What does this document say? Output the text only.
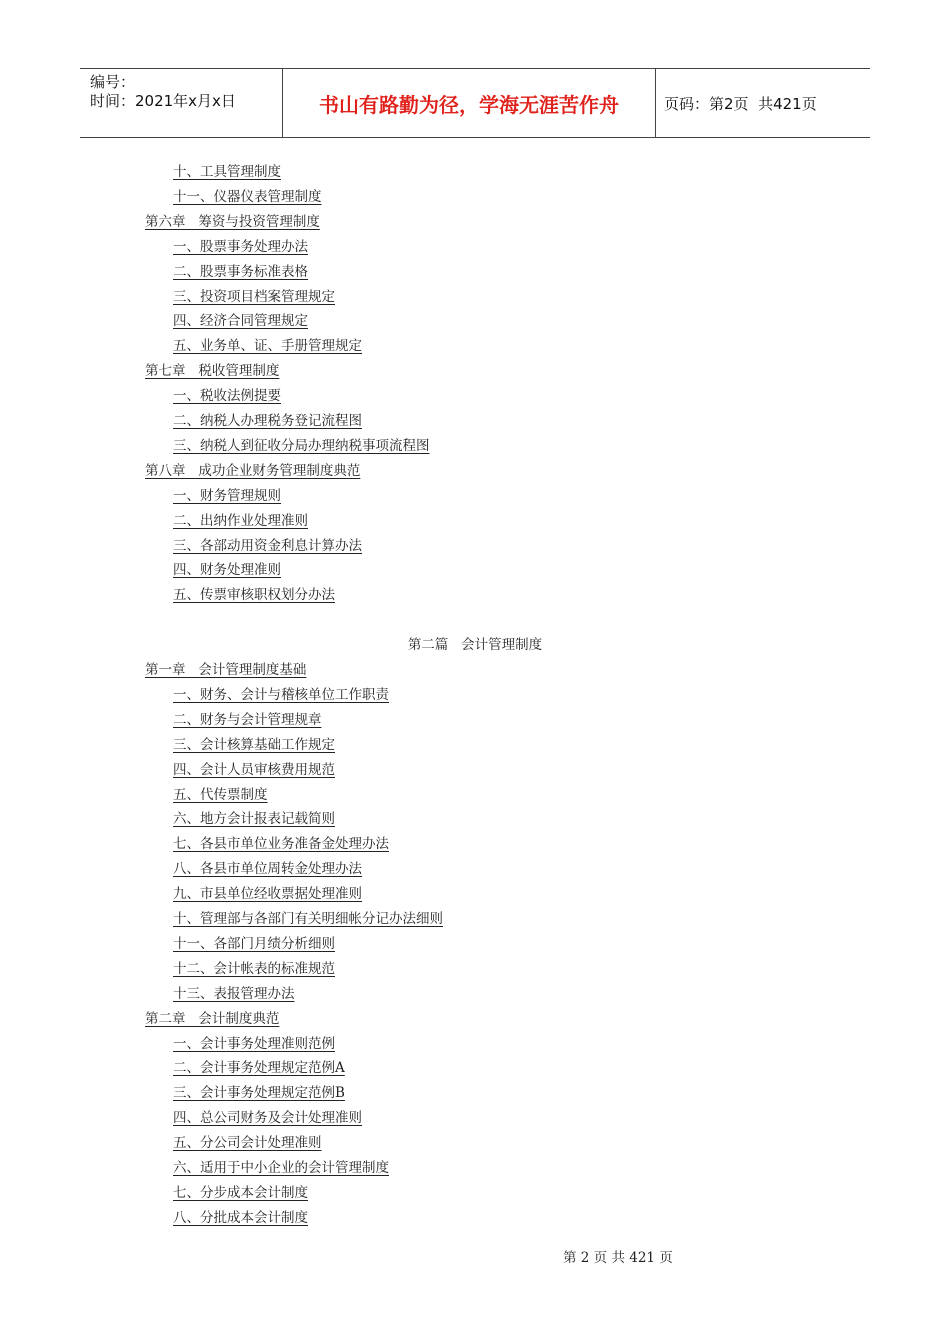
编号：
时间：2021年x月x日	书山有路勤为径，学海无涯苦作舟	页码：第2页  共421页
十、工具管理制度
十一、仪器仪表管理制度
第六章   筹资与投资管理制度
一、股票事务处理办法
二、股票事务标准表格
三、投资项目档案管理规定
四、经济合同管理规定
五、业务单、证、手册管理规定
第七章   税收管理制度
一、税收法例提要
二、纳税人办理税务登记流程图
三、纳税人到征收分局办理纳税事项流程图
第八章   成功企业财务管理制度典范
一、财务管理规则
二、出纳作业处理准则
三、各部动用资金利息计算办法
四、财务处理准则
五、传票审核职权划分办法
第二篇   会计管理制度
第一章   会计管理制度基础
一、财务、会计与稽核单位工作职责
二、财务与会计管理规章
三、会计核算基础工作规定
四、会计人员审核费用规范
五、代传票制度
六、地方会计报表记载简则
七、各县市单位业务准备金处理办法
八、各县市单位周转金处理办法
九、市县单位经收票据处理准则
十、管理部与各部门有关明细帐分记办法细则
十一、各部门月绩分析细则
十二、会计帐表的标准规范
十三、表报管理办法
第二章   会计制度典范
一、会计事务处理准则范例
二、会计事务处理规定范例A
三、会计事务处理规定范例B
四、总公司财务及会计处理准则
五、分公司会计处理准则
六、适用于中小企业的会计管理制度
七、分步成本会计制度
八、分批成本会计制度
第 2 页 共 421 页
